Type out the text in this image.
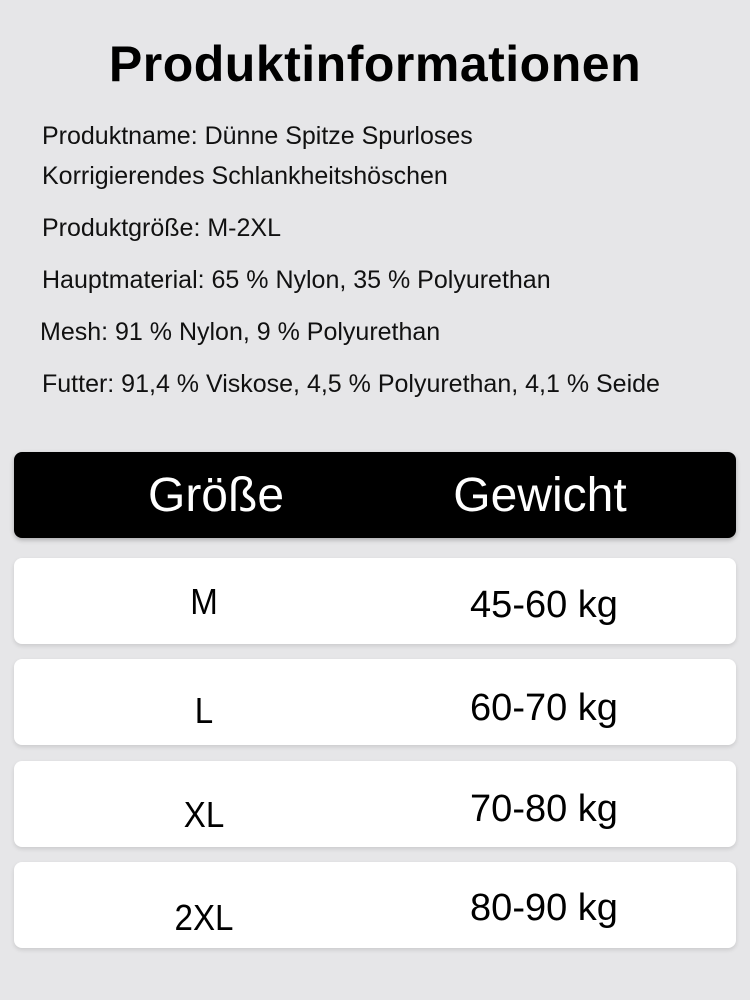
Produktinformationen
Produktname: Dünne Spitze Spurloses
Korrigierendes Schlankheitshöschen
Produktgröße: M-2XL
Hauptmaterial: 65 % Nylon, 35 % Polyurethan
Mesh: 91 % Nylon, 9 % Polyurethan
Futter: 91,4 % Viskose, 4,5 % Polyurethan, 4,1 % Seide
Größe	Gewicht
M	45-60 kg
L	60-70 kg
XL	70-80 kg
2XL	80-90 kg
